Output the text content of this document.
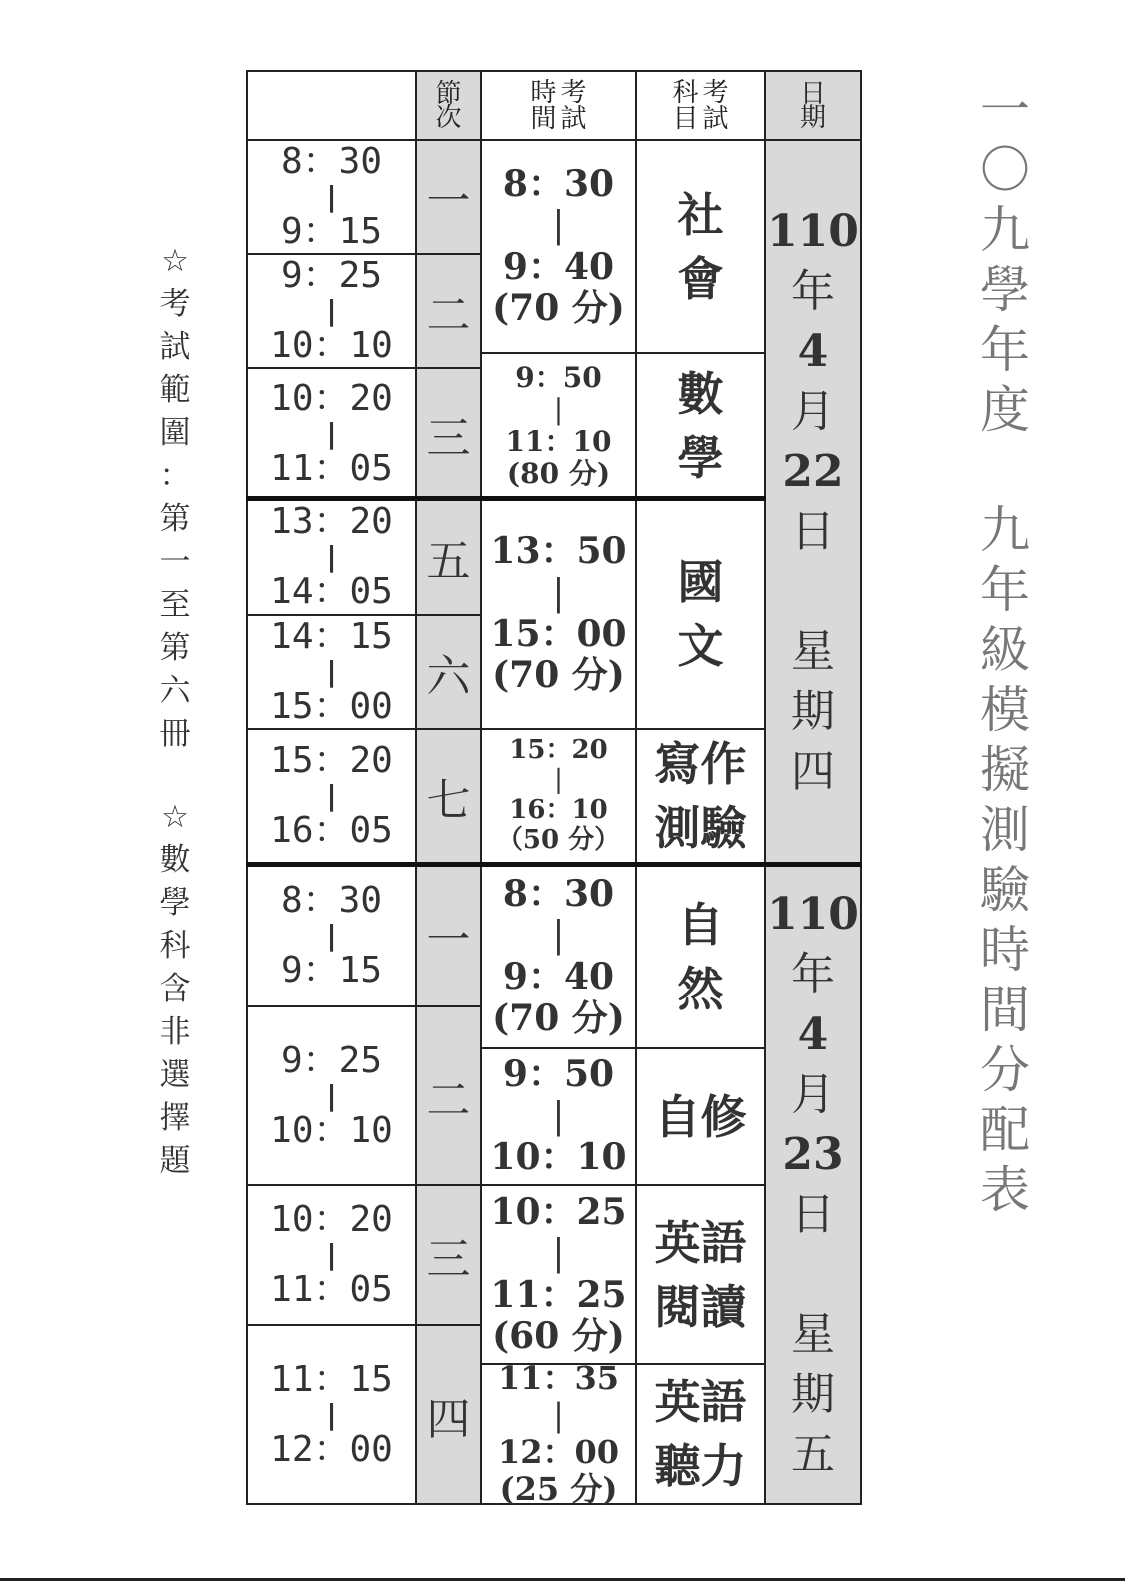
一
〇
九
學
年
度

九
年
級
模
擬
測
驗
時
間
分
配
表
☆
考
試
範
圍
：
第
一
至
第
六
冊
☆
數
學
科
含
非
選
擇
題
節
次
時
間
考
試
科
目
考
試
日
期
8：30
|
9：15
一
9：25
|
10：10
二
10：20
|
11：05
三
13：20
|
14：05
五
14：15
|
15：00
六
15：20
|
16：05
七
8：30
|
9：40
(70 分)
社
會
9：50
|
11：10
(80 分)
數
學
13：50
|
15：00
(70 分)
國
文
15：20
|
16：10
（50 分）
寫作
測驗
110
年
4
月
22
日

星
期
四
8：30
|
9：15
一
9：25
|
10：10
二
10：20
|
11：05
三
11：15
|
12：00
四
8：30
|
9：40
(70 分)
自
然
9：50
|
10：10
自修
10：25
|
11：25
(60 分)
英語
閱讀
11：35
|
12：00
(25 分)
英語
聽力
110
年
4
月
23
日

星
期
五
